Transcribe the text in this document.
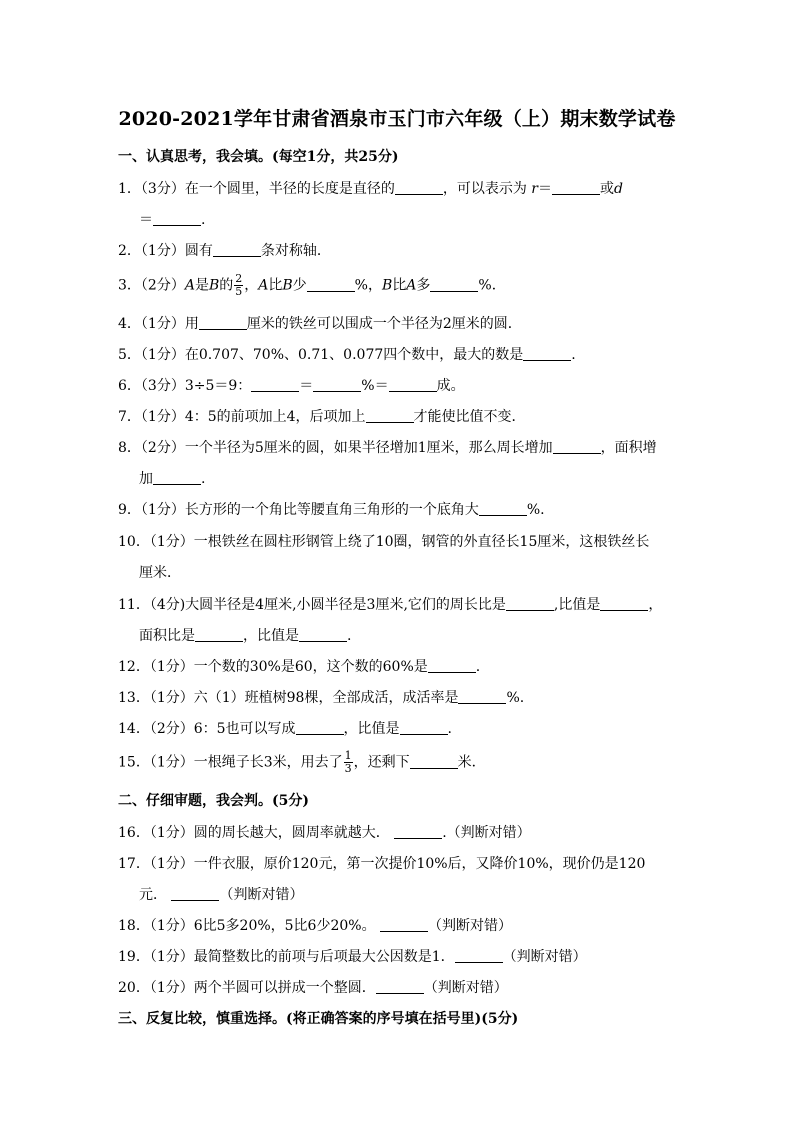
2020-2021学年甘肃省酒泉市玉门市六年级（上）期末数学试卷
一、认真思考，我会填。(每空1分，共25分)
1．（3分）在一个圆里，半径的长度是直径的	，可以表示为 r＝	或d
＝	.
2．（1分）圆有	条对称轴．
3．（2分）A是B的 $\frac{2}{5}$ ，A比B少	%，B比A多	%．
4．（1分）用	厘米的铁丝可以围成一个半径为2厘米的圆．
5．（1分）在0.707、70%、0.71、0.077四个数中，最大的数是	.
6．（3分）3÷5＝9：	＝	%＝	成。
7．（1分）4：5的前项加上4，后项加上	才能使比值不变．
8．（2分）一个半径为5厘米的圆，如果半径增加1厘米，那么周长增加	，面积增
加	.
9．（1分）长方形的一个角比等腰直角三角形的一个底角大	%.
10．（1分）一根铁丝在圆柱形钢管上绕了10圈，钢管的外直径长15厘米，这根铁丝长
厘米．
11．（4分)大圆半径是4厘米,小圆半径是3厘米,它们的周长比是	,比值是	，
面积比是	，比值是	.
12．（1分）一个数的30%是60，这个数的60%是	.
13．（1分）六（1）班植树98棵，全部成活，成活率是	%.
14．（2分）6：5也可以写成	，比值是	.
15．（1分）一根绳子长3米，用去了 $\frac{1}{3}$ ，还剩下	米．
二、仔细审题，我会判。(5分)
16．（1分）圆的周长越大，圆周率就越大．	.（判断对错）
17．（1分）一件衣服，原价120元，第一次提价10%后，又降价10%，现价仍是120
元．	（判断对错）
18．（1分）6比5多20%，5比6少20%。	（判断对错）
19．（1分）最简整数比的前项与后项最大公因数是1．	（判断对错）
20．（1分）两个半圆可以拼成一个整圆．	（判断对错）
三、反复比较，慎重选择。(将正确答案的序号填在括号里)(5分)
